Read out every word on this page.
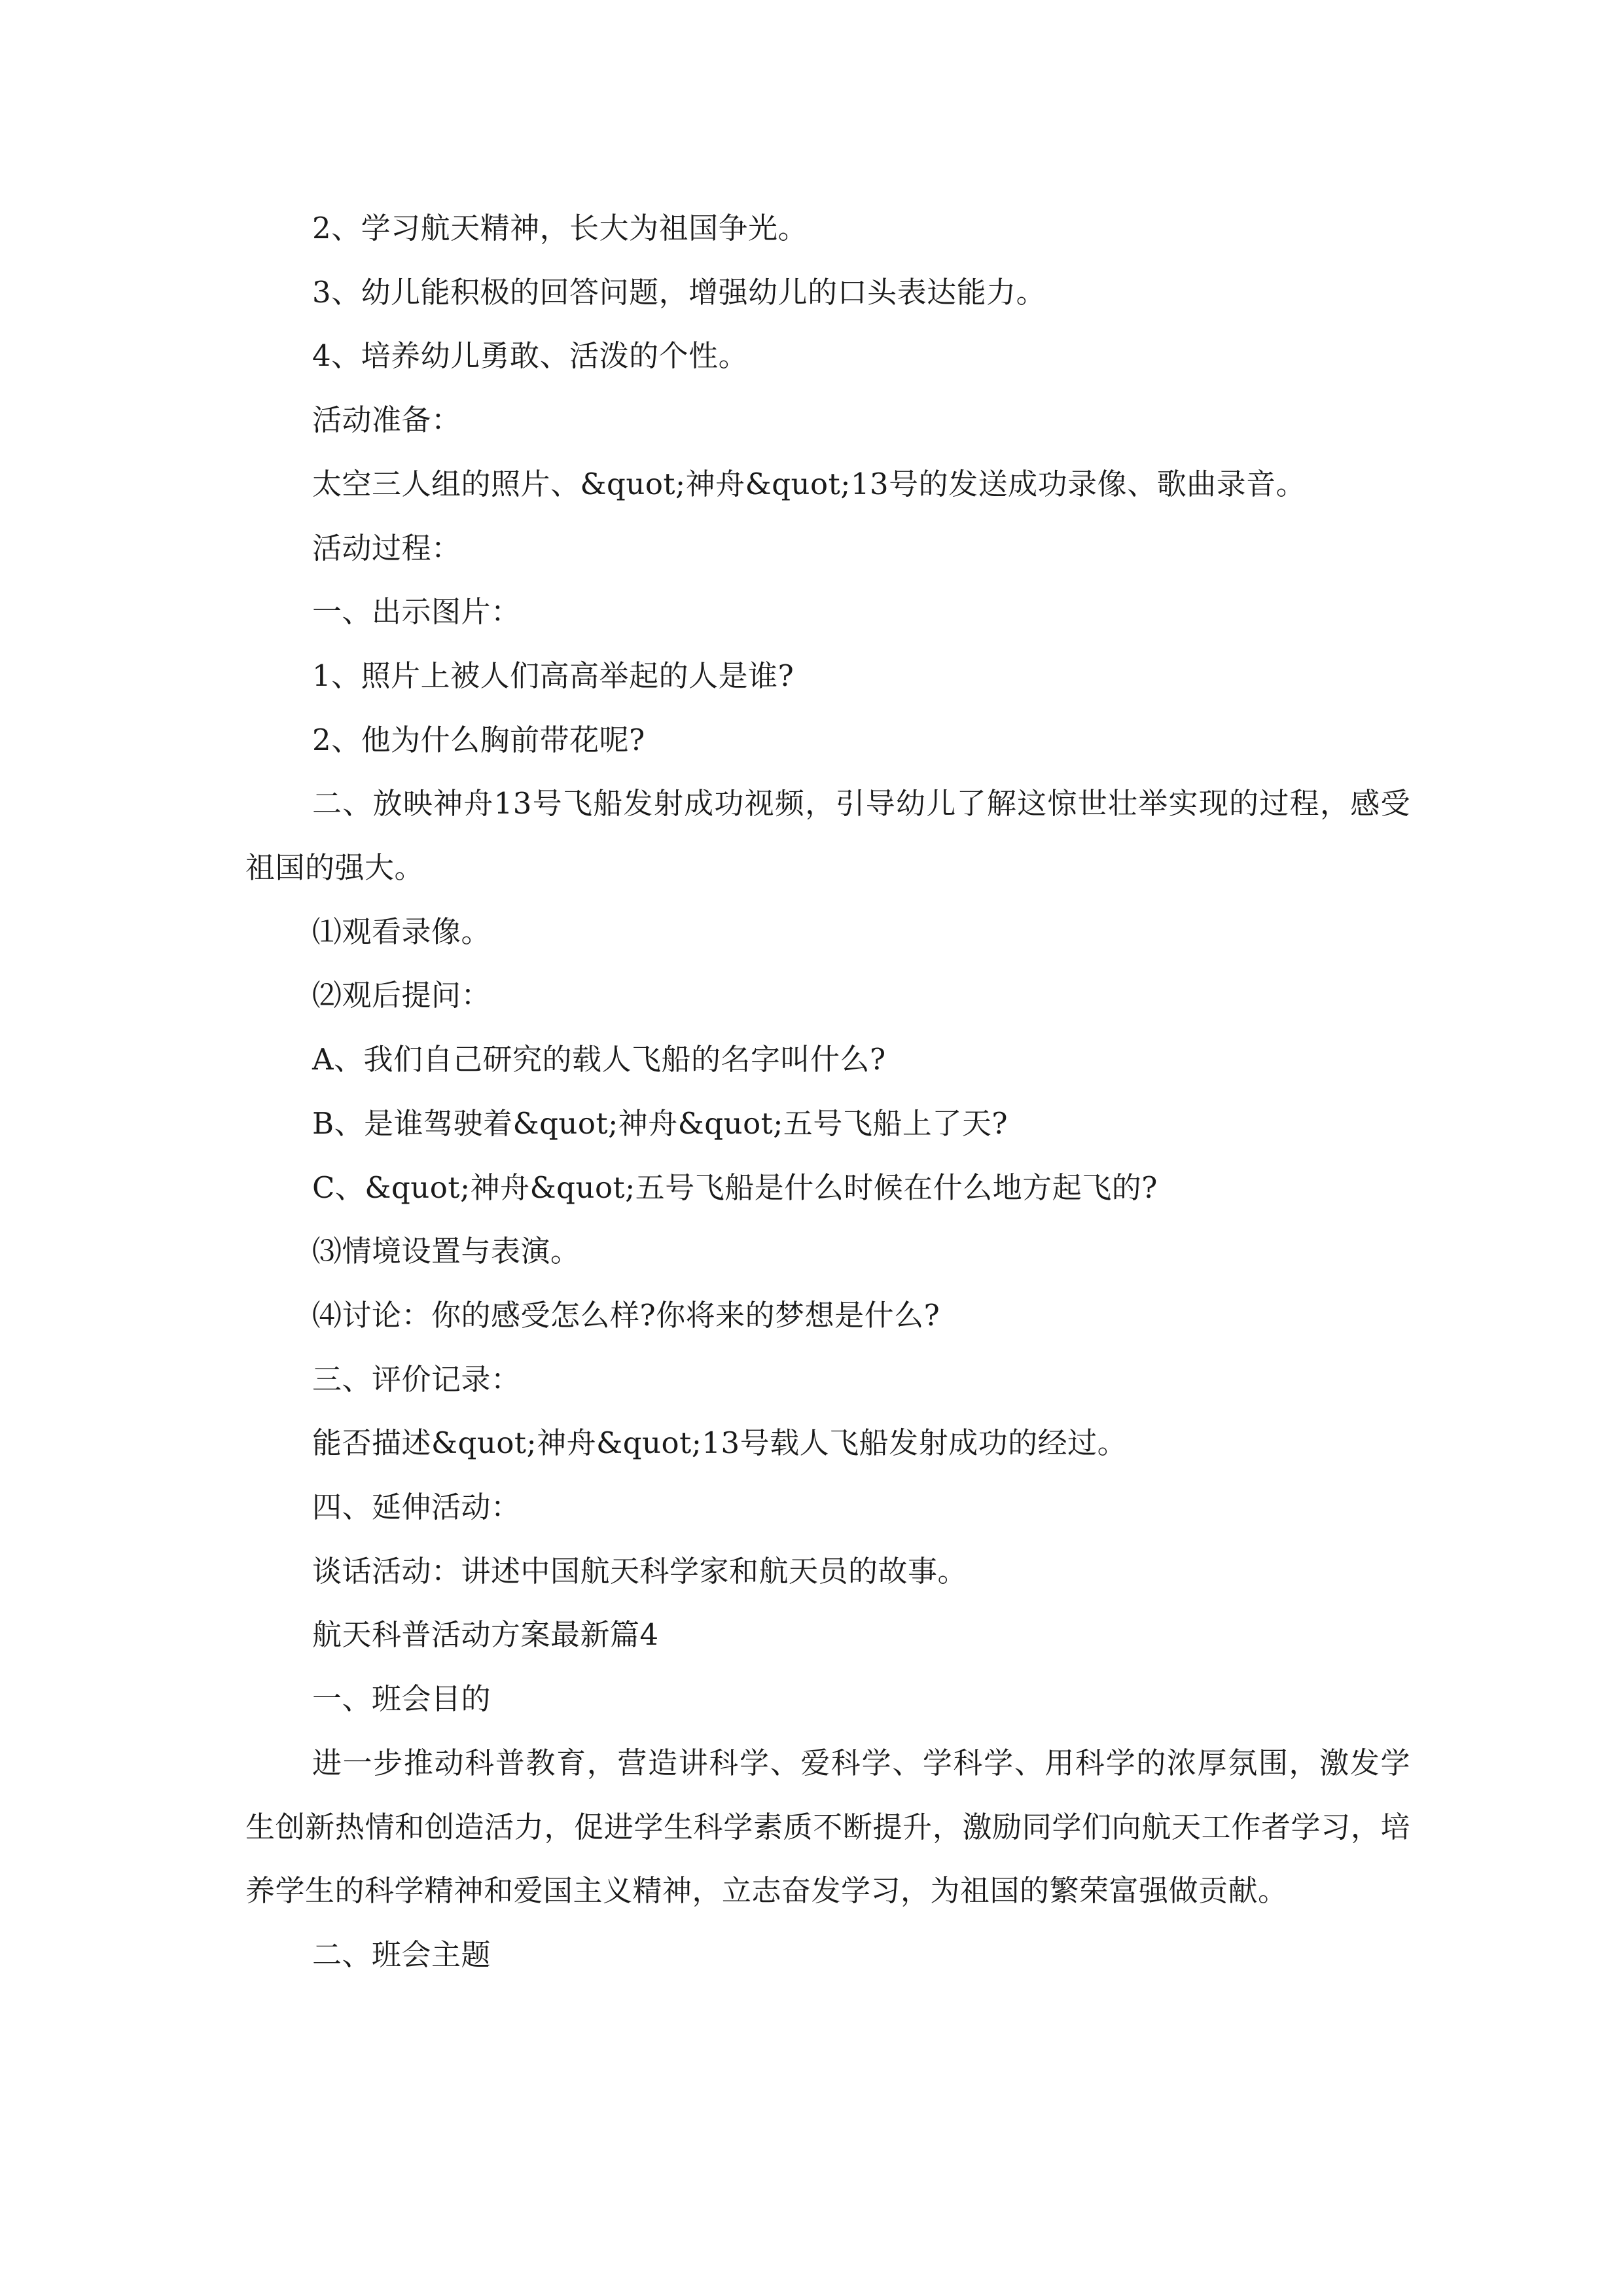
2、学习航天精神，长大为祖国争光。
3、幼儿能积极的回答问题，增强幼儿的口头表达能力。
4、培养幼儿勇敢、活泼的个性。
活动准备：
太空三人组的照片、&quot;神舟&quot;13号的发送成功录像、歌曲录音。
活动过程：
一、出示图片：
1、照片上被人们高高举起的人是谁?
2、他为什么胸前带花呢?
二、放映神舟13号飞船发射成功视频，引导幼儿了解这惊世壮举实现的过程，感受祖国的强大。
⑴观看录像。
⑵观后提问：
A、我们自己研究的载人飞船的名字叫什么?
B、是谁驾驶着&quot;神舟&quot;五号飞船上了天?
C、&quot;神舟&quot;五号飞船是什么时候在什么地方起飞的?
⑶情境设置与表演。
⑷讨论：你的感受怎么样?你将来的梦想是什么?
三、评价记录：
能否描述&quot;神舟&quot;13号载人飞船发射成功的经过。
四、延伸活动：
谈话活动：讲述中国航天科学家和航天员的故事。
航天科普活动方案最新篇4
一、班会目的
进一步推动科普教育，营造讲科学、爱科学、学科学、用科学的浓厚氛围，激发学生创新热情和创造活力，促进学生科学素质不断提升，激励同学们向航天工作者学习，培养学生的科学精神和爱国主义精神，立志奋发学习，为祖国的繁荣富强做贡献。
二、班会主题
